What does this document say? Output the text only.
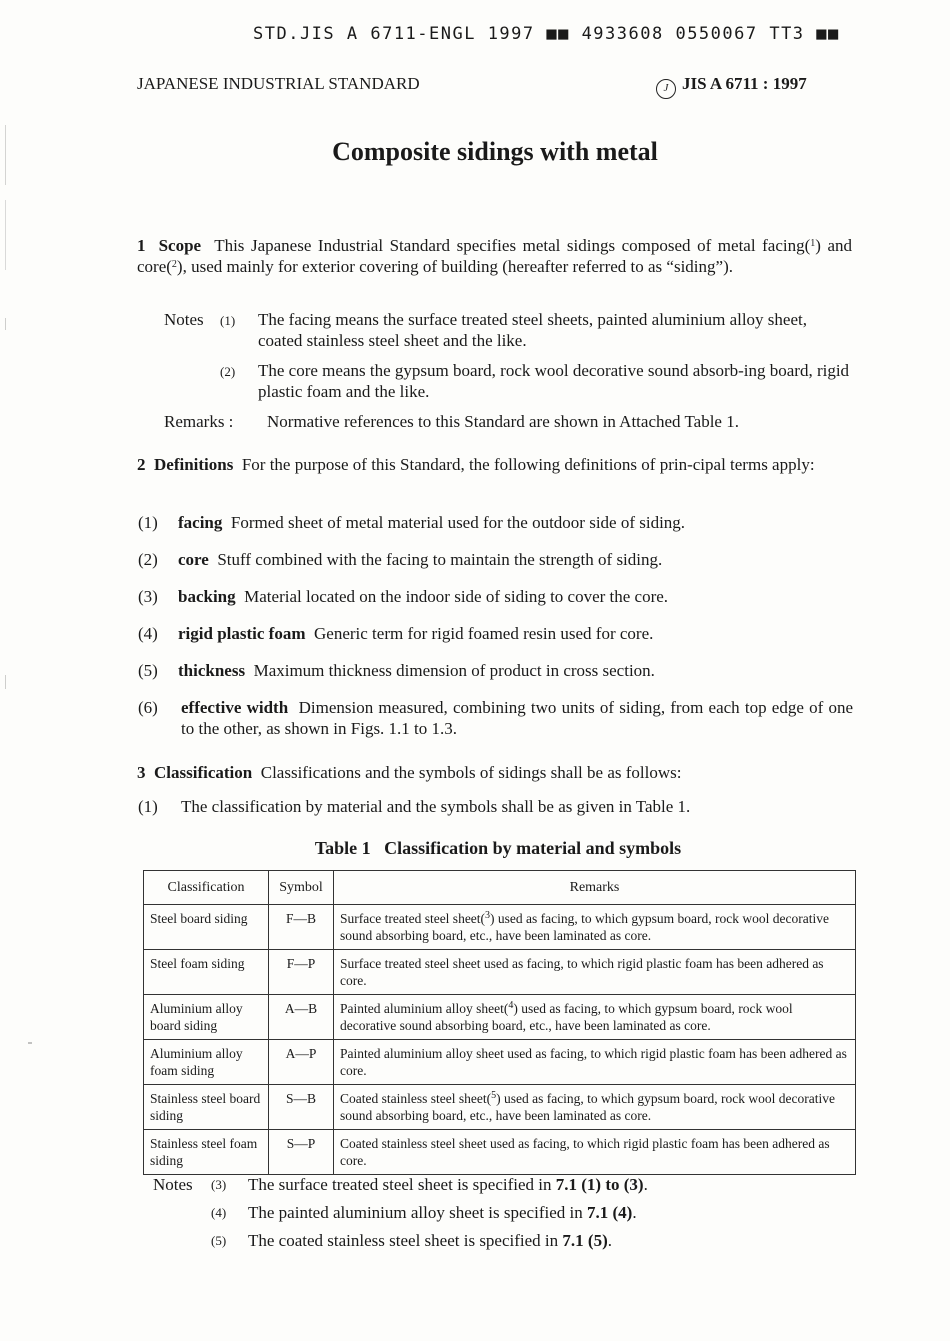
STD.JIS A 6711-ENGL 1997 ■■ 4933608 0550067 TT3 ■■
JAPANESE INDUSTRIAL STANDARD	J JIS A 6711 : 1997
Composite sidings with metal
1 Scope This Japanese Industrial Standard specifies metal sidings composed of metal facing($^1$) and core($^2$), used mainly for exterior covering of building (hereafter referred to as “siding”).
Notes (1) The facing means the surface treated steel sheets, painted aluminium alloy sheet, coated stainless steel sheet and the like.
(2) The core means the gypsum board, rock wool decorative sound absorb-ing board, rigid plastic foam and the like.
Remarks : Normative references to this Standard are shown in Attached Table 1.
2 Definitions For the purpose of this Standard, the following definitions of prin-cipal terms apply:
(1) facing Formed sheet of metal material used for the outdoor side of siding.
(2) core Stuff combined with the facing to maintain the strength of siding.
(3) backing Material located on the indoor side of siding to cover the core.
(4) rigid plastic foam Generic term for rigid foamed resin used for core.
(5) thickness Maximum thickness dimension of product in cross section.
(6) effective width Dimension measured, combining two units of siding, from each top edge of one to the other, as shown in Figs. 1.1 to 1.3.
3 Classification Classifications and the symbols of sidings shall be as follows:
(1) The classification by material and the symbols shall be as given in Table 1.
Table 1   Classification by material and symbols
Classification	Symbol	Remarks
Steel board siding	F—B	Surface treated steel sheet($^3$) used as facing, to which gypsum board, rock wool decorative sound absorbing board, etc., have been laminated as core.
Steel foam siding	F—P	Surface treated steel sheet used as facing, to which rigid plastic foam has been adhered as core.
Aluminium alloy board siding	A—B	Painted aluminium alloy sheet($^4$) used as facing, to which gypsum board, rock wool decorative sound absorbing board, etc., have been laminated as core.
Aluminium alloy foam siding	A—P	Painted aluminium alloy sheet used as facing, to which rigid plastic foam has been adhered as core.
Stainless steel board siding	S—B	Coated stainless steel sheet($^5$) used as facing, to which gypsum board, rock wool decorative sound absorbing board, etc., have been laminated as core.
Stainless steel foam siding	S—P	Coated stainless steel sheet used as facing, to which rigid plastic foam has been adhered as core.
Notes (3) The surface treated steel sheet is specified in 7.1 (1) to (3).
(4) The painted aluminium alloy sheet is specified in 7.1 (4).
(5) The coated stainless steel sheet is specified in 7.1 (5).
